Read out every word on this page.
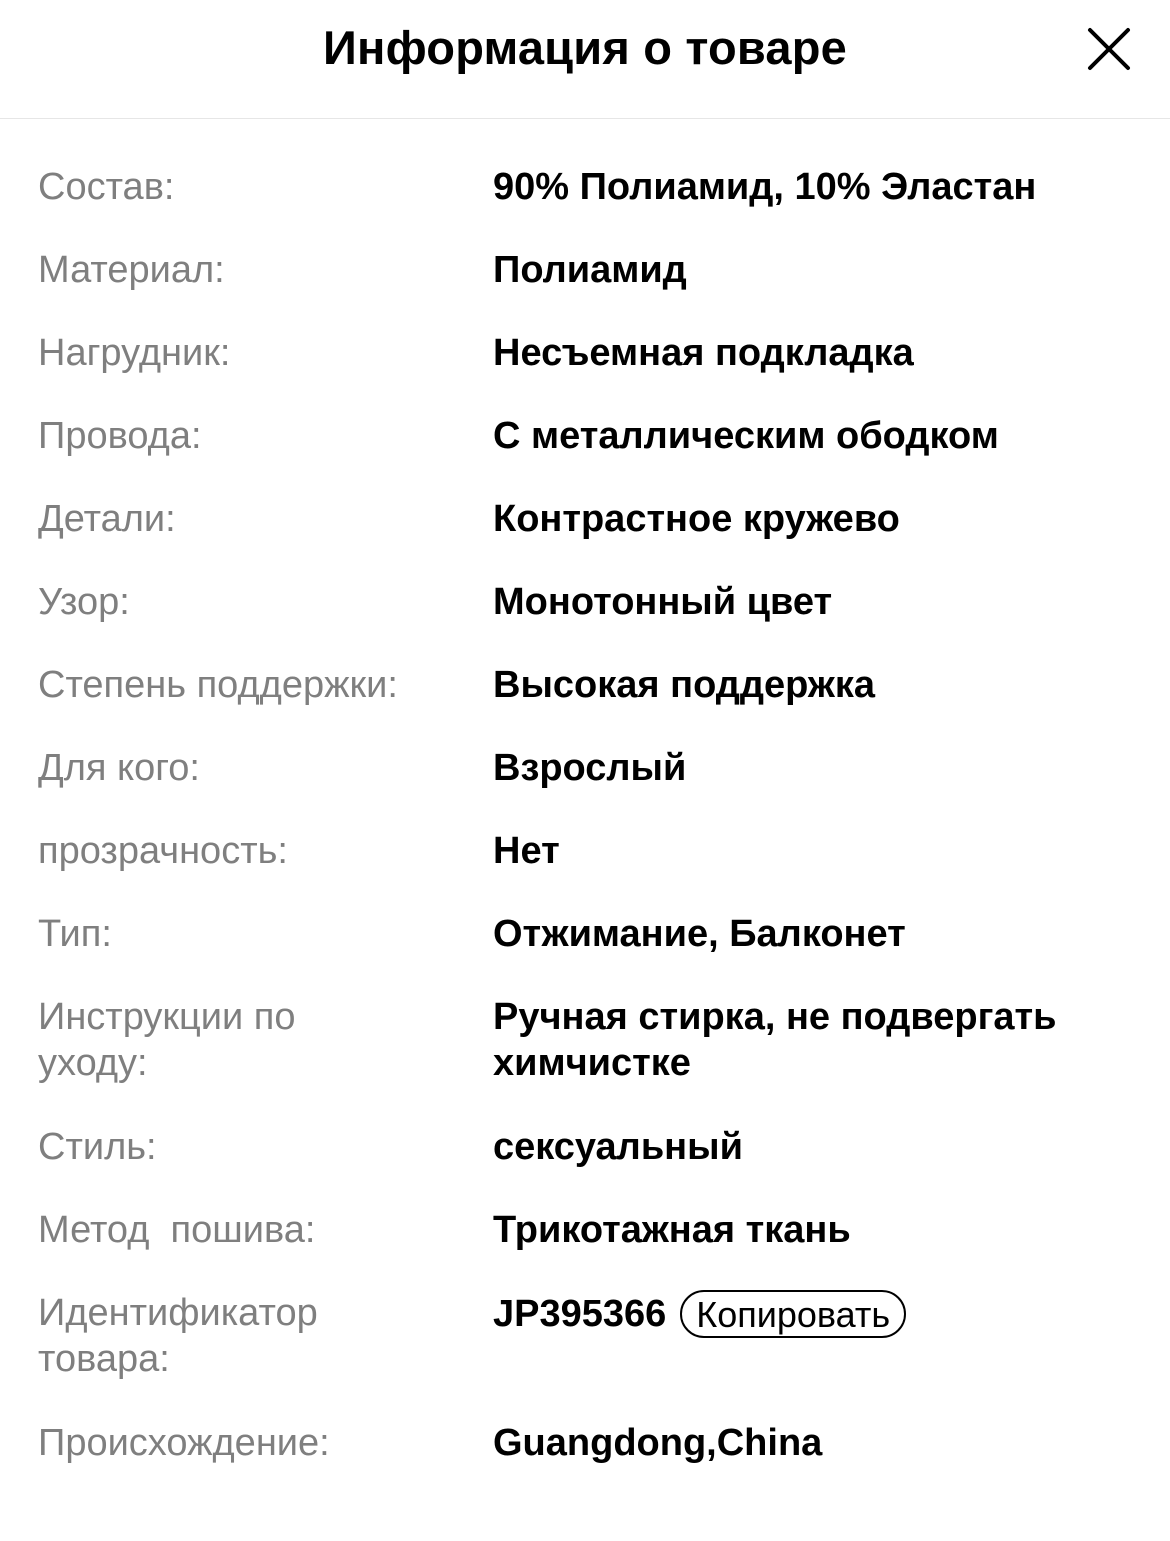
Информация о товаре
Состав:	90% Полиамид, 10% Эластан
Материал:	Полиамид
Нагрудник:	Несъемная подкладка
Провода:	С металлическим ободком
Детали:	Контрастное кружево
Узор:	Монотонный цвет
Степень поддержки:	Высокая поддержка
Для кого:	Взрослый
прозрачность:	Нет
Тип:	Отжимание, Балконет
Инструкции по уходу:
Ручная стирка, не подвергать химчистке
Стиль:	сексуальный
Метод  пошива:	Трикотажная ткань
Идентификатор товара:
JP395366 Копировать
Происхождение:	Guangdong,China
